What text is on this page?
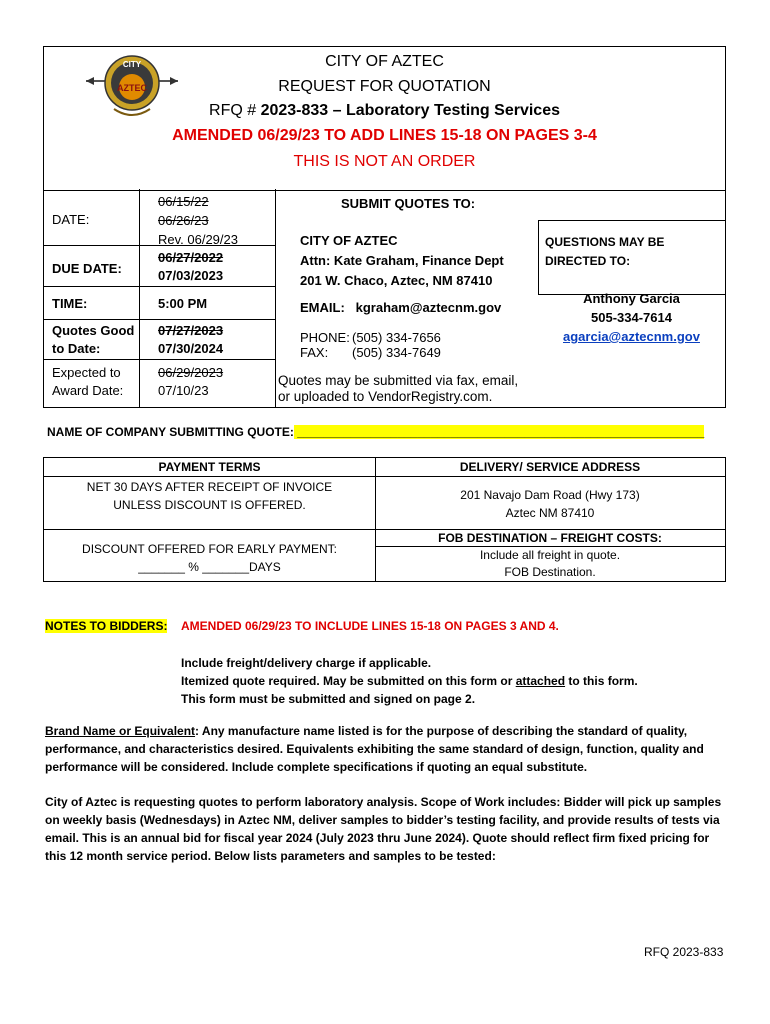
CITY
AZTEC
CITY OF AZTEC
REQUEST FOR QUOTATION
RFQ # 2023-833 – Laboratory Testing Services
AMENDED 06/29/23 TO ADD LINES 15-18 ON PAGES 3-4
THIS IS NOT AN ORDER
DATE:
06/15/22
06/26/23
Rev. 06/29/23
DUE DATE:
06/27/2022
07/03/2023
TIME:	5:00 PM
Quotes Good
to Date:
07/27/2023
07/30/2024
Expected to
Award Date:
06/29/2023
07/10/23
SUBMIT QUOTES TO:
CITY OF AZTEC
Attn: Kate Graham, Finance Dept
201 W. Chaco, Aztec, NM 87410
EMAIL: kgraham@aztecnm.gov
PHONE: (505) 334-7656
FAX: (505) 334-7649
Quotes may be submitted via fax, email,
or uploaded to VendorRegistry.com.
QUESTIONS MAY BE
DIRECTED TO:
Anthony Garcia
505-334-7614
agarcia@aztecnm.gov
NAME OF COMPANY SUBMITTING QUOTE: _____________________________________________________________
PAYMENT TERMS
NET 30 DAYS AFTER RECEIPT OF INVOICE
UNLESS DISCOUNT IS OFFERED.
DISCOUNT OFFERED FOR EARLY PAYMENT:
_______ % _______DAYS
DELIVERY/ SERVICE ADDRESS
201 Navajo Dam Road (Hwy 173)
Aztec NM 87410
FOB DESTINATION – FREIGHT COSTS:
Include all freight in quote.
FOB Destination.
NOTES TO BIDDERS: AMENDED 06/29/23 TO INCLUDE LINES 15-18 ON PAGES 3 AND 4.
Include freight/delivery charge if applicable.
Itemized quote required. May be submitted on this form or attached to this form.
This form must be submitted and signed on page 2.
Brand Name or Equivalent: Any manufacture name listed is for the purpose of describing the standard of quality, performance, and characteristics desired. Equivalents exhibiting the same standard of design, function, quality and performance will be considered. Include complete specifications if quoting an equal substitute.
City of Aztec is requesting quotes to perform laboratory analysis. Scope of Work includes: Bidder will pick up samples on weekly basis (Wednesdays) in Aztec NM, deliver samples to bidder’s testing facility, and provide results of tests via email. This is an annual bid for fiscal year 2024 (July 2023 thru June 2024). Quote should reflect firm fixed pricing for this 12 month service period. Below lists parameters and samples to be tested:
RFQ 2023-833
